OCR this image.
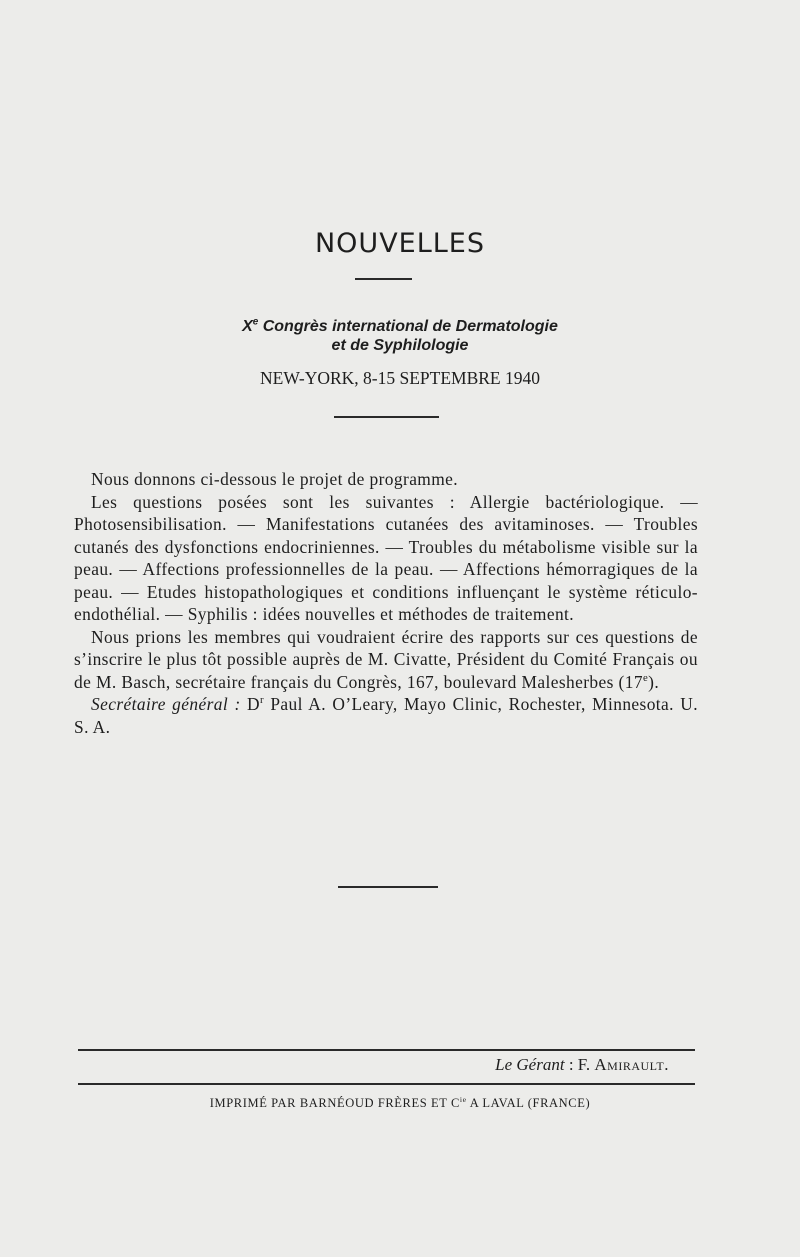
NOUVELLES
Xe Congrès international de Dermatologie
et de Syphilologie
NEW-YORK, 8-15 SEPTEMBRE 1940

Nous donnons ci-dessous le projet de programme.

Les questions posées sont les suivantes : Allergie bactériologique. — Photosensibilisation. — Manifestations cutanées des avitaminoses. — Troubles cutanés des dysfonctions endocriniennes. — Troubles du métabolisme visible sur la peau. — Affections professionnelles de la peau. — Affections hémorragiques de la peau. — Etudes histopathologiques et conditions influençant le système réticulo-endothélial. — Syphilis : idées nouvelles et méthodes de traitement.

Nous prions les membres qui voudraient écrire des rapports sur ces questions de s’inscrire le plus tôt possible auprès de M. Civatte, Président du Comité Français ou de M. Basch, secrétaire français du Congrès, 167, boulevard Malesherbes (17e).

Secrétaire général : $D^r$ Paul A. O’Leary, Mayo Clinic, Rochester, Minnesota. U. S. A.

Le Gérant : F. Amirault.
IMPRIMÉ PAR BARNÉOUD FRÈRES ET $C^{ie}$ A LAVAL (FRANCE)
